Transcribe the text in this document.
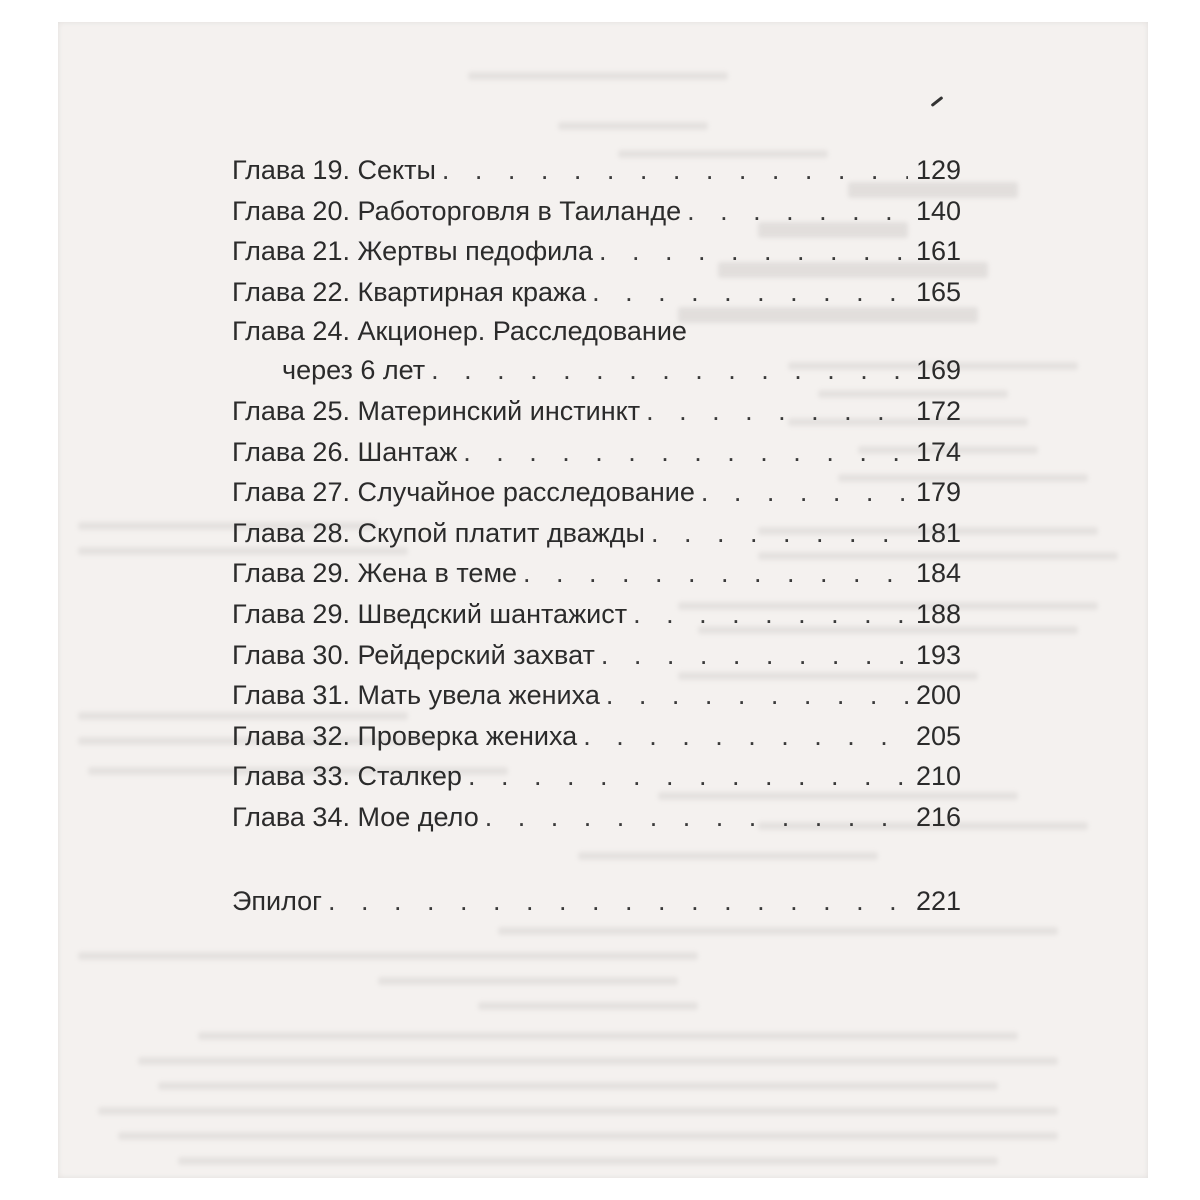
Глава 19. Секты . . .	129
Глава 20. Работорговля в Таиланде . . .	140
Глава 21. Жертвы педофила . . .	161
Глава 22. Квартирная кража . . .	165
Глава 24. Акционер. Расследование
через 6 лет . . .	169
Глава 25. Материнский инстинкт . . .	172
Глава 26. Шантаж . . .	174
Глава 27. Случайное расследование . . .	179
Глава 28. Скупой платит дважды . . .	181
Глава 29. Жена в теме . . .	184
Глава 29. Шведский шантажист . . .	188
Глава 30. Рейдерский захват . . .	193
Глава 31. Мать увела жениха . . .	200
Глава 32. Проверка жениха . . .	205
Глава 33. Сталкер . . .	210
Глава 34. Мое дело . . .	216
Эпилог . . .	221
